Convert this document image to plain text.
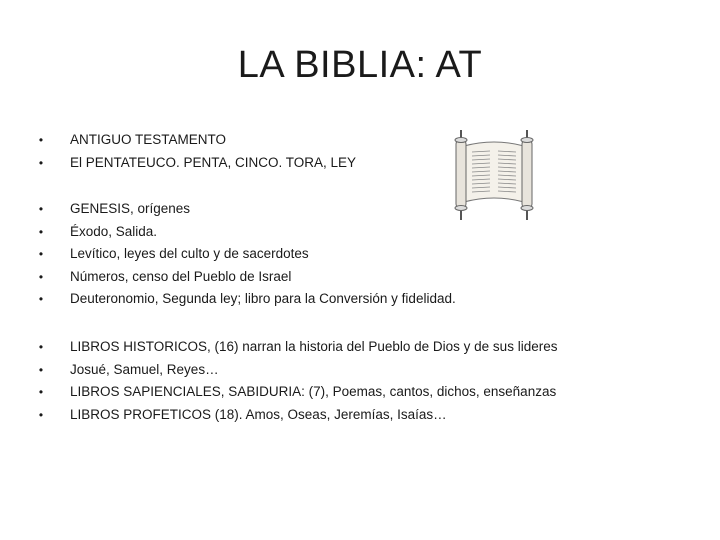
LA BIBLIA: AT
• ANTIGUO TESTAMENTO
• El PENTATEUCO. PENTA, CINCO. TORA, LEY
• GENESIS, orígenes
• Éxodo, Salida.
• Levítico, leyes del culto y de sacerdotes
• Números, censo del Pueblo de Israel
• Deuteronomio, Segunda ley; libro para la Conversión y fidelidad.
• LIBROS HISTORICOS, (16) narran la historia del Pueblo de Dios y de sus lideres
• Josué, Samuel, Reyes…
• LIBROS SAPIENCIALES, SABIDURIA: (7), Poemas, cantos, dichos, enseñanzas
• LIBROS PROFETICOS (18). Amos, Oseas, Jeremías, Isaías…
